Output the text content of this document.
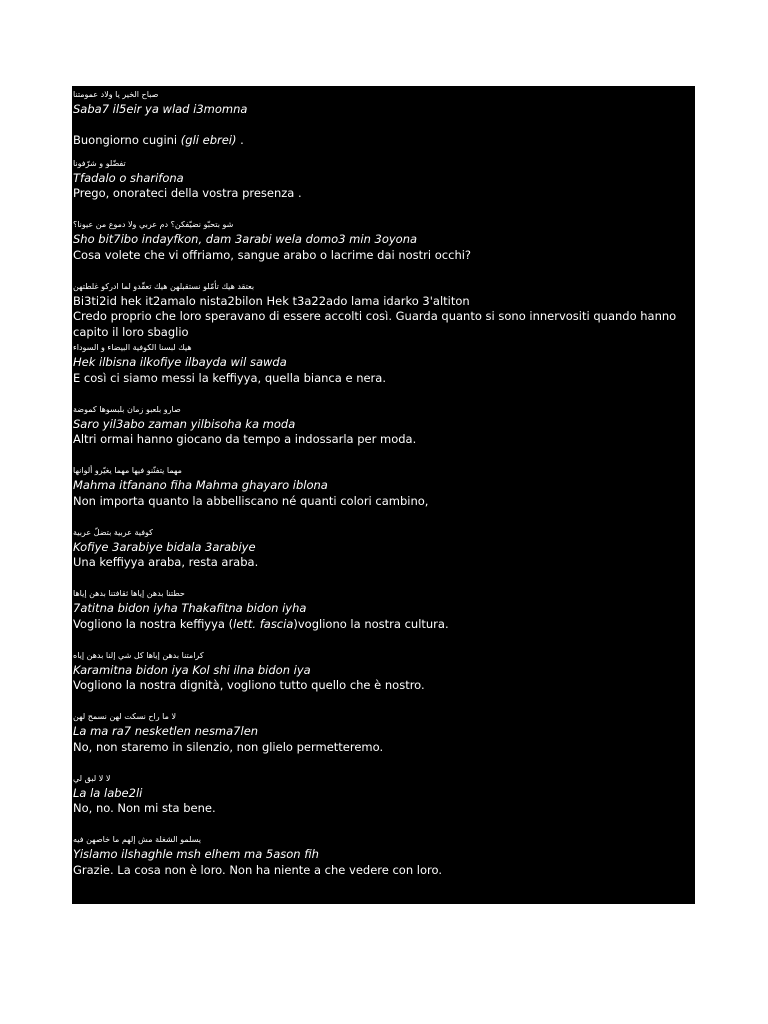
صباح الخير يا ولاد عمومتنا
Saba7 il5eir ya wlad i3momna
Buongiorno cugini (gli ebrei) .
تفضّلو و شرّفونا
Tfadalo o sharifona
Prego, onorateci della vostra presenza .
شو بتحبّو نضيّفكن؟ دم عربي ولا دموع من عيونا؟
Sho bit7ibo indayfkon, dam 3arabi wela domo3 min 3oyona
Cosa volete che vi offriamo, sangue arabo o lacrime dai nostri occhi?
بعتقد هيك تأمّلو نستقبلهن هيك تعقّدو لما ادركو غلطتهن
Bi3ti2id hek it2amalo nista2bilon Hek t3a22ado lama idarko 3'altiton
Credo proprio che loro speravano di essere accolti così. Guarda quanto si sono innervositi quando hanno capito il loro sbaglio
هيك لبسنا الكوفية البيضاء و السوداء
Hek ilbisna ilkofiye ilbayda wil sawda
E così ci siamo messi la keffiyya, quella bianca e nera.
صارو بلعبو زمان بلبسوها كموضة
Saro yil3abo zaman yilbisoha ka moda
Altri ormai hanno giocano da tempo a indossarla per moda.
مهما يتفنّنو فيها مهما يغيّرو ألوانها
Mahma itfanano fiha Mahma ghayaro iblona
Non importa quanto la abbelliscano né quanti colori cambino,
كوفية عربية بتضلّ عربية
Kofiye 3arabiye bidala 3arabiye
Una keffiyya araba, resta araba.
حطتنا بدهن إياها ثقافتنا بدهن إياها
7atitna bidon iyha Thakafitna bidon iyha
Vogliono la nostra keffiyya (lett. fascia)vogliono la nostra cultura.
كرامتنا بدهن إياها كل شي إلنا بدهن إياه
Karamitna bidon iya Kol shi ilna bidon iya
Vogliono la nostra dignità, vogliono tutto quello che è nostro.
لا ما راح نسكت لهن نسمح لهن
La ma ra7 nesketlen nesma7len
No, non staremo in silenzio, non glielo permetteremo.
لا لا لبق لي
La la labe2li
No, no. Non mi sta bene.
يسلمو الشغلة مش إلهم ما خاصهن فيه
Yislamo ilshaghle msh elhem ma 5ason fih
Grazie. La cosa non è loro. Non ha niente a che vedere con loro.
